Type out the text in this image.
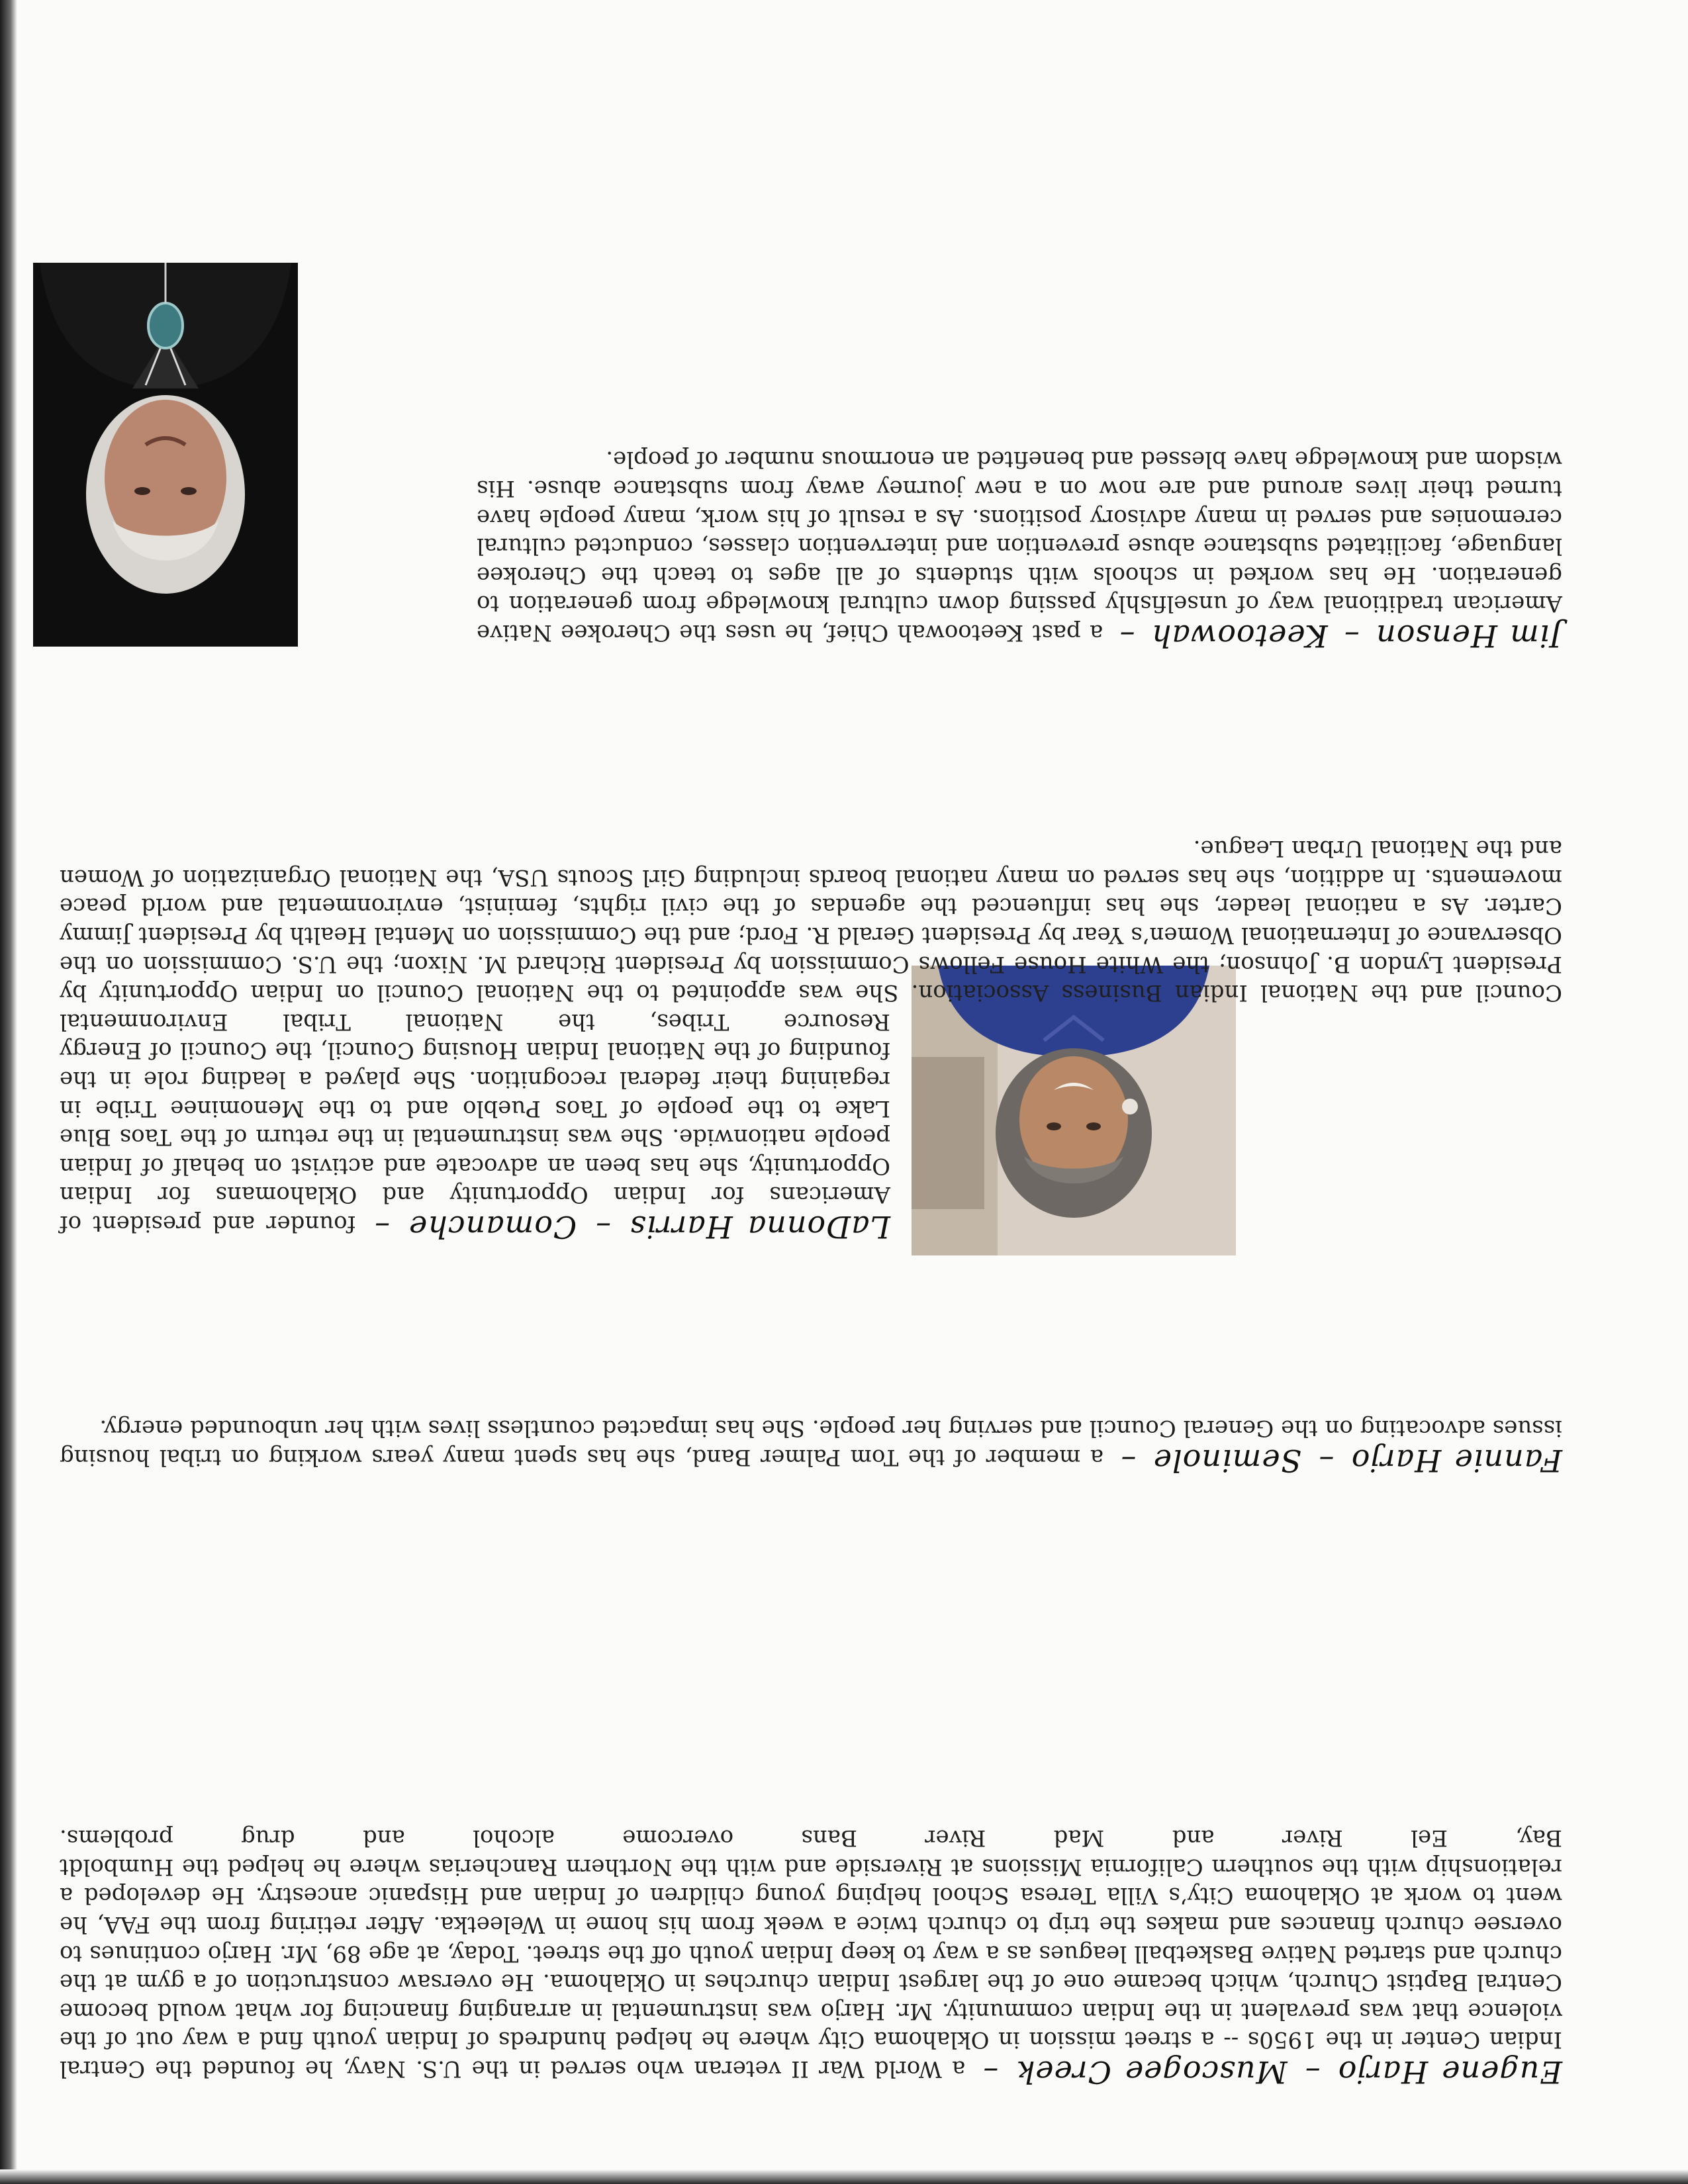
Eugene Harjo – Muscogee Creek – a World War II veteran who served in the U.S. Navy, he founded the Central Indian Center in the 1950s -- a street mission in Oklahoma City where he helped hundreds of Indian youth find a way out of the violence that was prevalent in the Indian community. Mr. Harjo was instrumental in arranging financing for what would become Central Baptist Church, which became one of the largest Indian churches in Oklahoma. He oversaw construction of a gym at the church and started Native Basketball leagues as a way to keep Indian youth off the street. Today, at age 89, Mr. Harjo continues to oversee church finances and makes the trip to church twice a week from his home in Weleetka. After retiring from the FAA, he went to work at Oklahoma City’s Villa Teresa School helping young children of Indian and Hispanic ancestry. He developed a relationship with the southern California Missions at Riverside and with the Northern Rancherias where he helped the Humboldt Bay, Eel River and Mad River Bans overcome alcohol and drug problems.

Fannie Harjo – Seminole – a member of the Tom Palmer Band, she has spent many years working on tribal housing issues advocating on the General Council and serving her people. She has impacted countless lives with her unbounded energy.

LaDonna Harris – Comanche – founder and president of Americans for Indian Opportunity and Oklahomans for Indian Opportunity, she has been an advocate and activist on behalf of Indian people nationwide. She was instrumental in the return of the Taos Blue Lake to the people of Taos Pueblo and to the Menominee Tribe in regaining their federal recognition. She played a leading role in the founding of the National Indian Housing Council, the Council of Energy Resource Tribes, the National Tribal Environmental

Council and the National Indian Business Association. She was appointed to the National Council on Indian Opportunity by President Lyndon B. Johnson; the White House Fellows Commission by President Richard M. Nixon; the U.S. Commission on the Observance of International Women’s Year by President Gerald R. Ford; and the Commission on Mental Health by President Jimmy Carter. As a national leader, she has influenced the agendas of the civil rights, feminist, environmental and world peace movements. In addition, she has served on many national boards including Girl Scouts USA, the National Organization of Women and the National Urban League.

Jim Henson – Keetoowah – a past Keetoowah Chief, he uses the Cherokee Native American traditional way of unselfishly passing down cultural knowledge from generation to generation. He has worked in schools with students of all ages to teach the Cherokee language, facilitated substance abuse prevention and intervention classes, conducted cultural ceremonies and served in many advisory positions. As a result of his work, many people have turned their lives around and are now on a new journey away from substance abuse. His wisdom and knowledge have blessed and benefited an enormous number of people.
